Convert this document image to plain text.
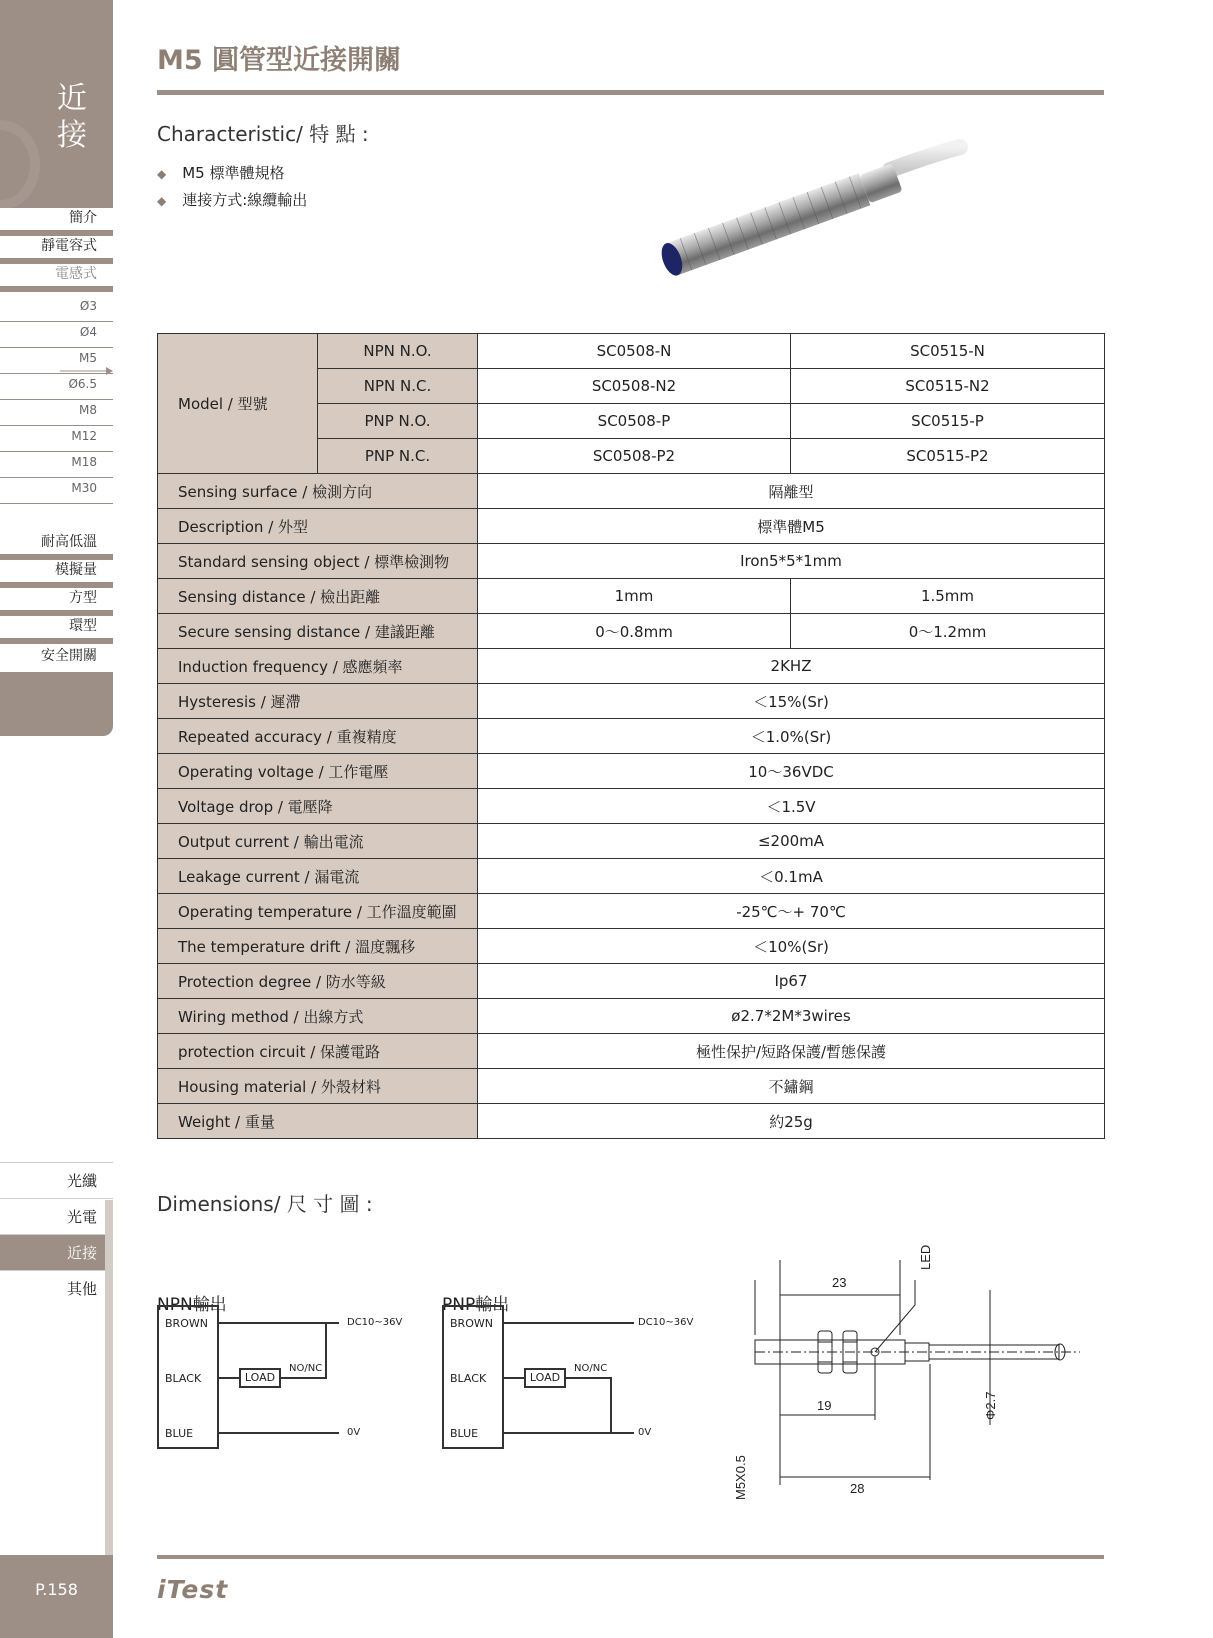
近
接
簡介
靜電容式
電感式
Ø3
Ø4
M5
Ø6.5
M8
M12
M18
M30
耐高低溫
模擬量
方型
環型
安全開關
光纖
光電
近接
其他
P.158
M5 圓管型近接開關
Characteristic/ 特 點 :
◆ M5 標準體規格
◆ 連接方式:線纜輸出
Model / 型號	NPN N.O.	SC0508-N	SC0515-N
	NPN N.C.	SC0508-N2	SC0515-N2
	PNP N.O.	SC0508-P	SC0515-P
	PNP N.C.	SC0508-P2	SC0515-P2
Sensing surface / 檢測方向		隔離型	
Description / 外型		標準體M5	
Standard sensing object / 標準檢測物		Iron5*5*1mm	
Sensing distance / 檢出距離		1mm	1.5mm
Secure sensing distance / 建議距離		0～0.8mm	0～1.2mm
Induction frequency / 感應頻率		2KHZ	
Hysteresis / 遲滯		＜15%(Sr)	
Repeated accuracy / 重複精度		＜1.0%(Sr)	
Operating voltage / 工作電壓		10～36VDC	
Voltage drop / 電壓降		＜1.5V	
Output current / 輸出電流		≤200mA	
Leakage current / 漏電流		＜0.1mA	
Operating temperature / 工作溫度範圍		-25℃～+ 70℃	
The temperature drift / 溫度飄移		＜10%(Sr)	
Protection degree / 防水等級		Ip67	
Wiring method / 出線方式		ø2.7*2M*3wires	
protection circuit / 保護電路		極性保护/短路保護/暫態保護	
Housing material / 外殼材料		不鏽鋼	
Weight / 重量		約25g	
Dimensions/ 尺 寸 圖 :
NPN輸出
BROWN
BLACK
BLUE
LOAD
NO/NC
DC10~36V
0V
PNP輸出
BROWN
BLACK
BLUE
LOAD
NO/NC
DC10~36V
0V
23
19
28
M5X0.5
Φ2.7
LED
iTest
